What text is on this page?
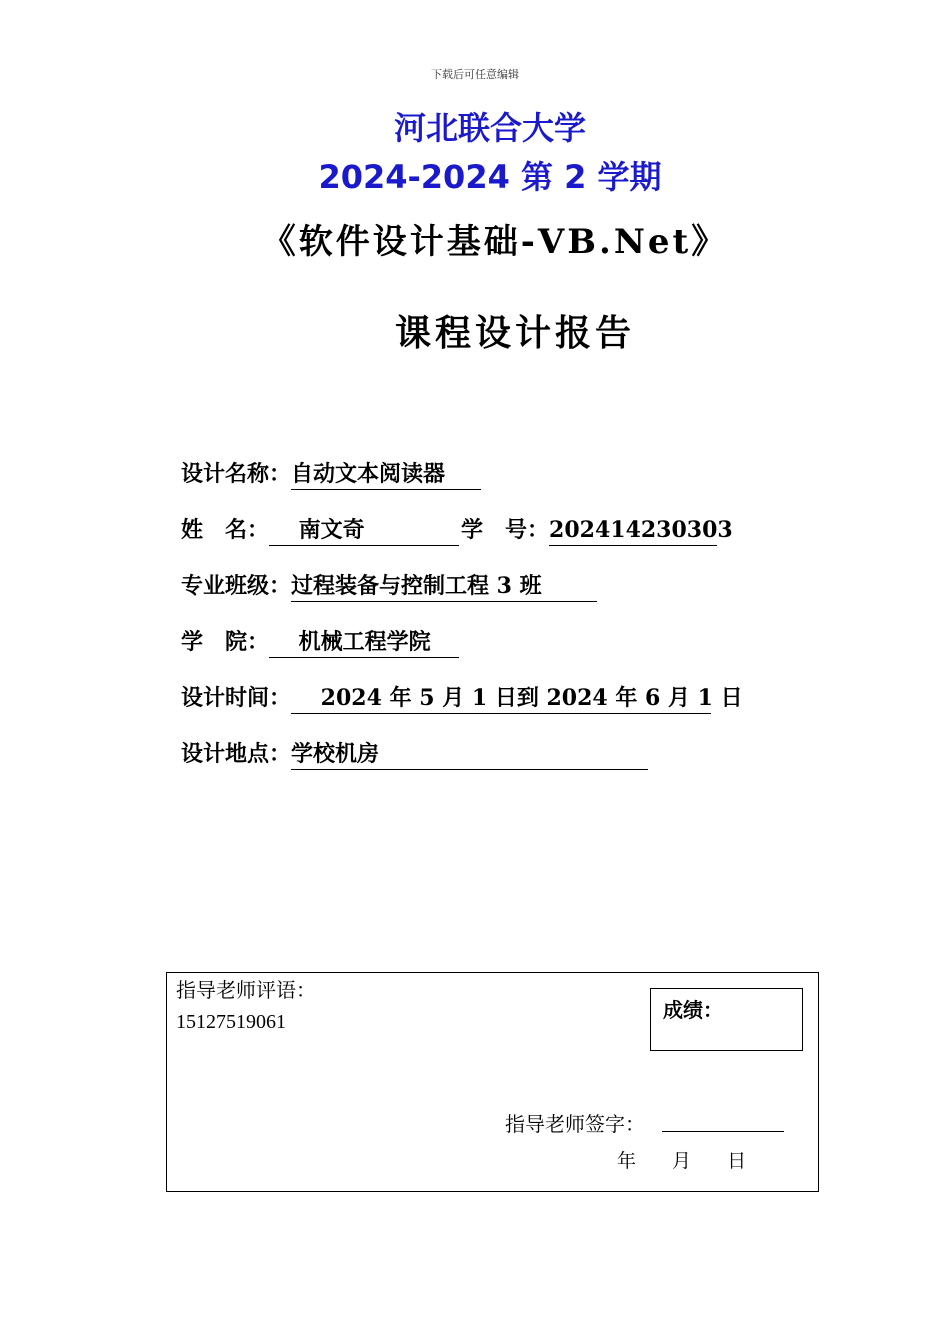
下载后可任意编辑
河北联合大学
2024-2024 第 2 学期
《软件设计基础-VB.Net》
课程设计报告
设计名称：自动文本阅读器
姓　名：　 南文奇　　　学　号：202414230303
专业班级：过程装备与控制工程 3 班
学　院：　 机械工程学院
设计时间：　 2024 年 5 月 1 日到 2024 年 6 月 1 日
设计地点：学校机房　　　　　　　　　
指导老师评语：
15127519061	成绩：
指导老师签字：
年 月 日
